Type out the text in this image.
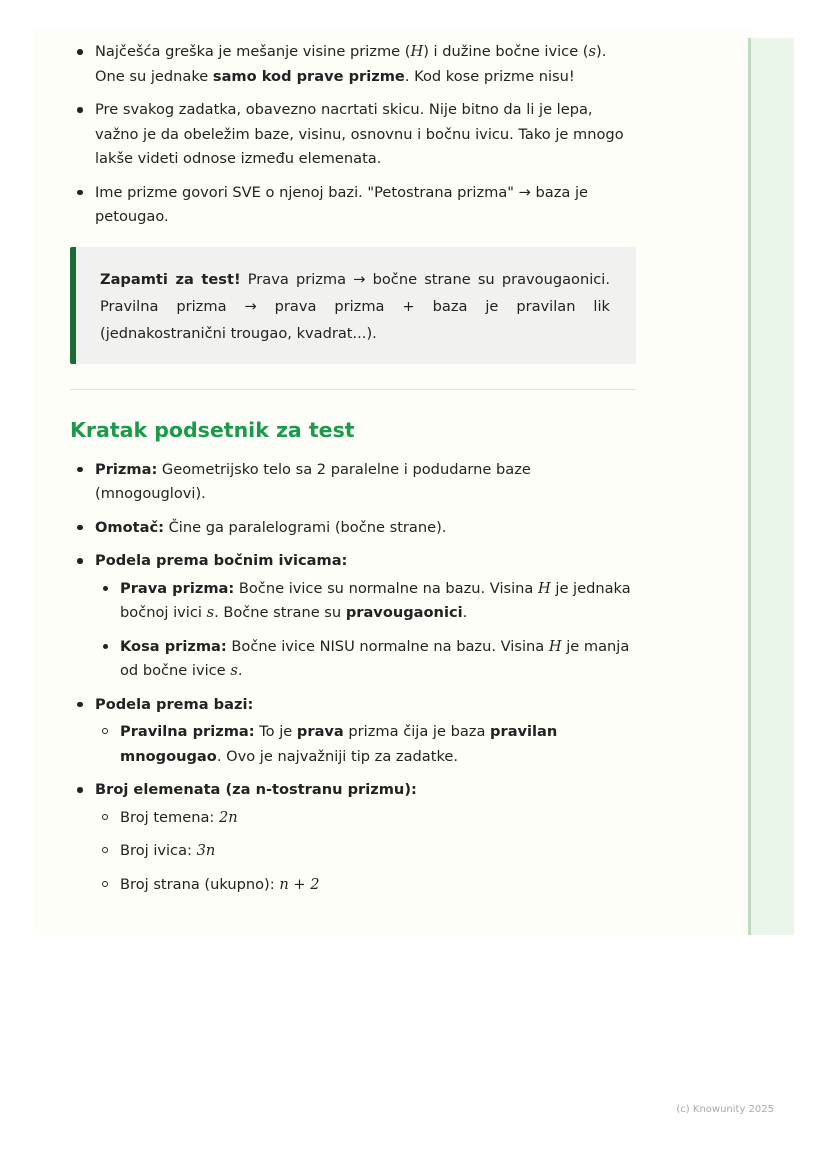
Najčešća greška je mešanje visine prizme (H) i dužine bočne ivice (s). One su jednake samo kod prave prizme. Kod kose prizme nisu!
Pre svakog zadatka, obavezno nacrtati skicu. Nije bitno da li je lepa, važno je da obeležim baze, visinu, osnovnu i bočnu ivicu. Tako je mnogo lakše videti odnose između elemenata.
Ime prizme govori SVE o njenoj bazi. "Petostrana prizma" → baza je petougao.
Zapamti za test! Prava prizma → bočne strane su pravougaonici. Pravilna prizma → prava prizma + baza je pravilan lik (jednakostranični trougao, kvadrat...).
Kratak podsetnik za test
Prizma: Geometrijsko telo sa 2 paralelne i podudarne baze (mnogouglovi).
Omotač: Čine ga paralelogrami (bočne strane).
Podela prema bočnim ivicama:
Prava prizma: Bočne ivice su normalne na bazu. Visina H je jednaka bočnoj ivici s. Bočne strane su pravougaonici.
Kosa prizma: Bočne ivice NISU normalne na bazu. Visina H je manja od bočne ivice s.
Podela prema bazi:
Pravilna prizma: To je prava prizma čija je baza pravilan mnogougao. Ovo je najvažniji tip za zadatke.
Broj elemenata (za n-tostranu prizmu):
Broj temena: 2n
Broj ivica: 3n
Broj strana (ukupno): n + 2
(c) Knowunity 2025
